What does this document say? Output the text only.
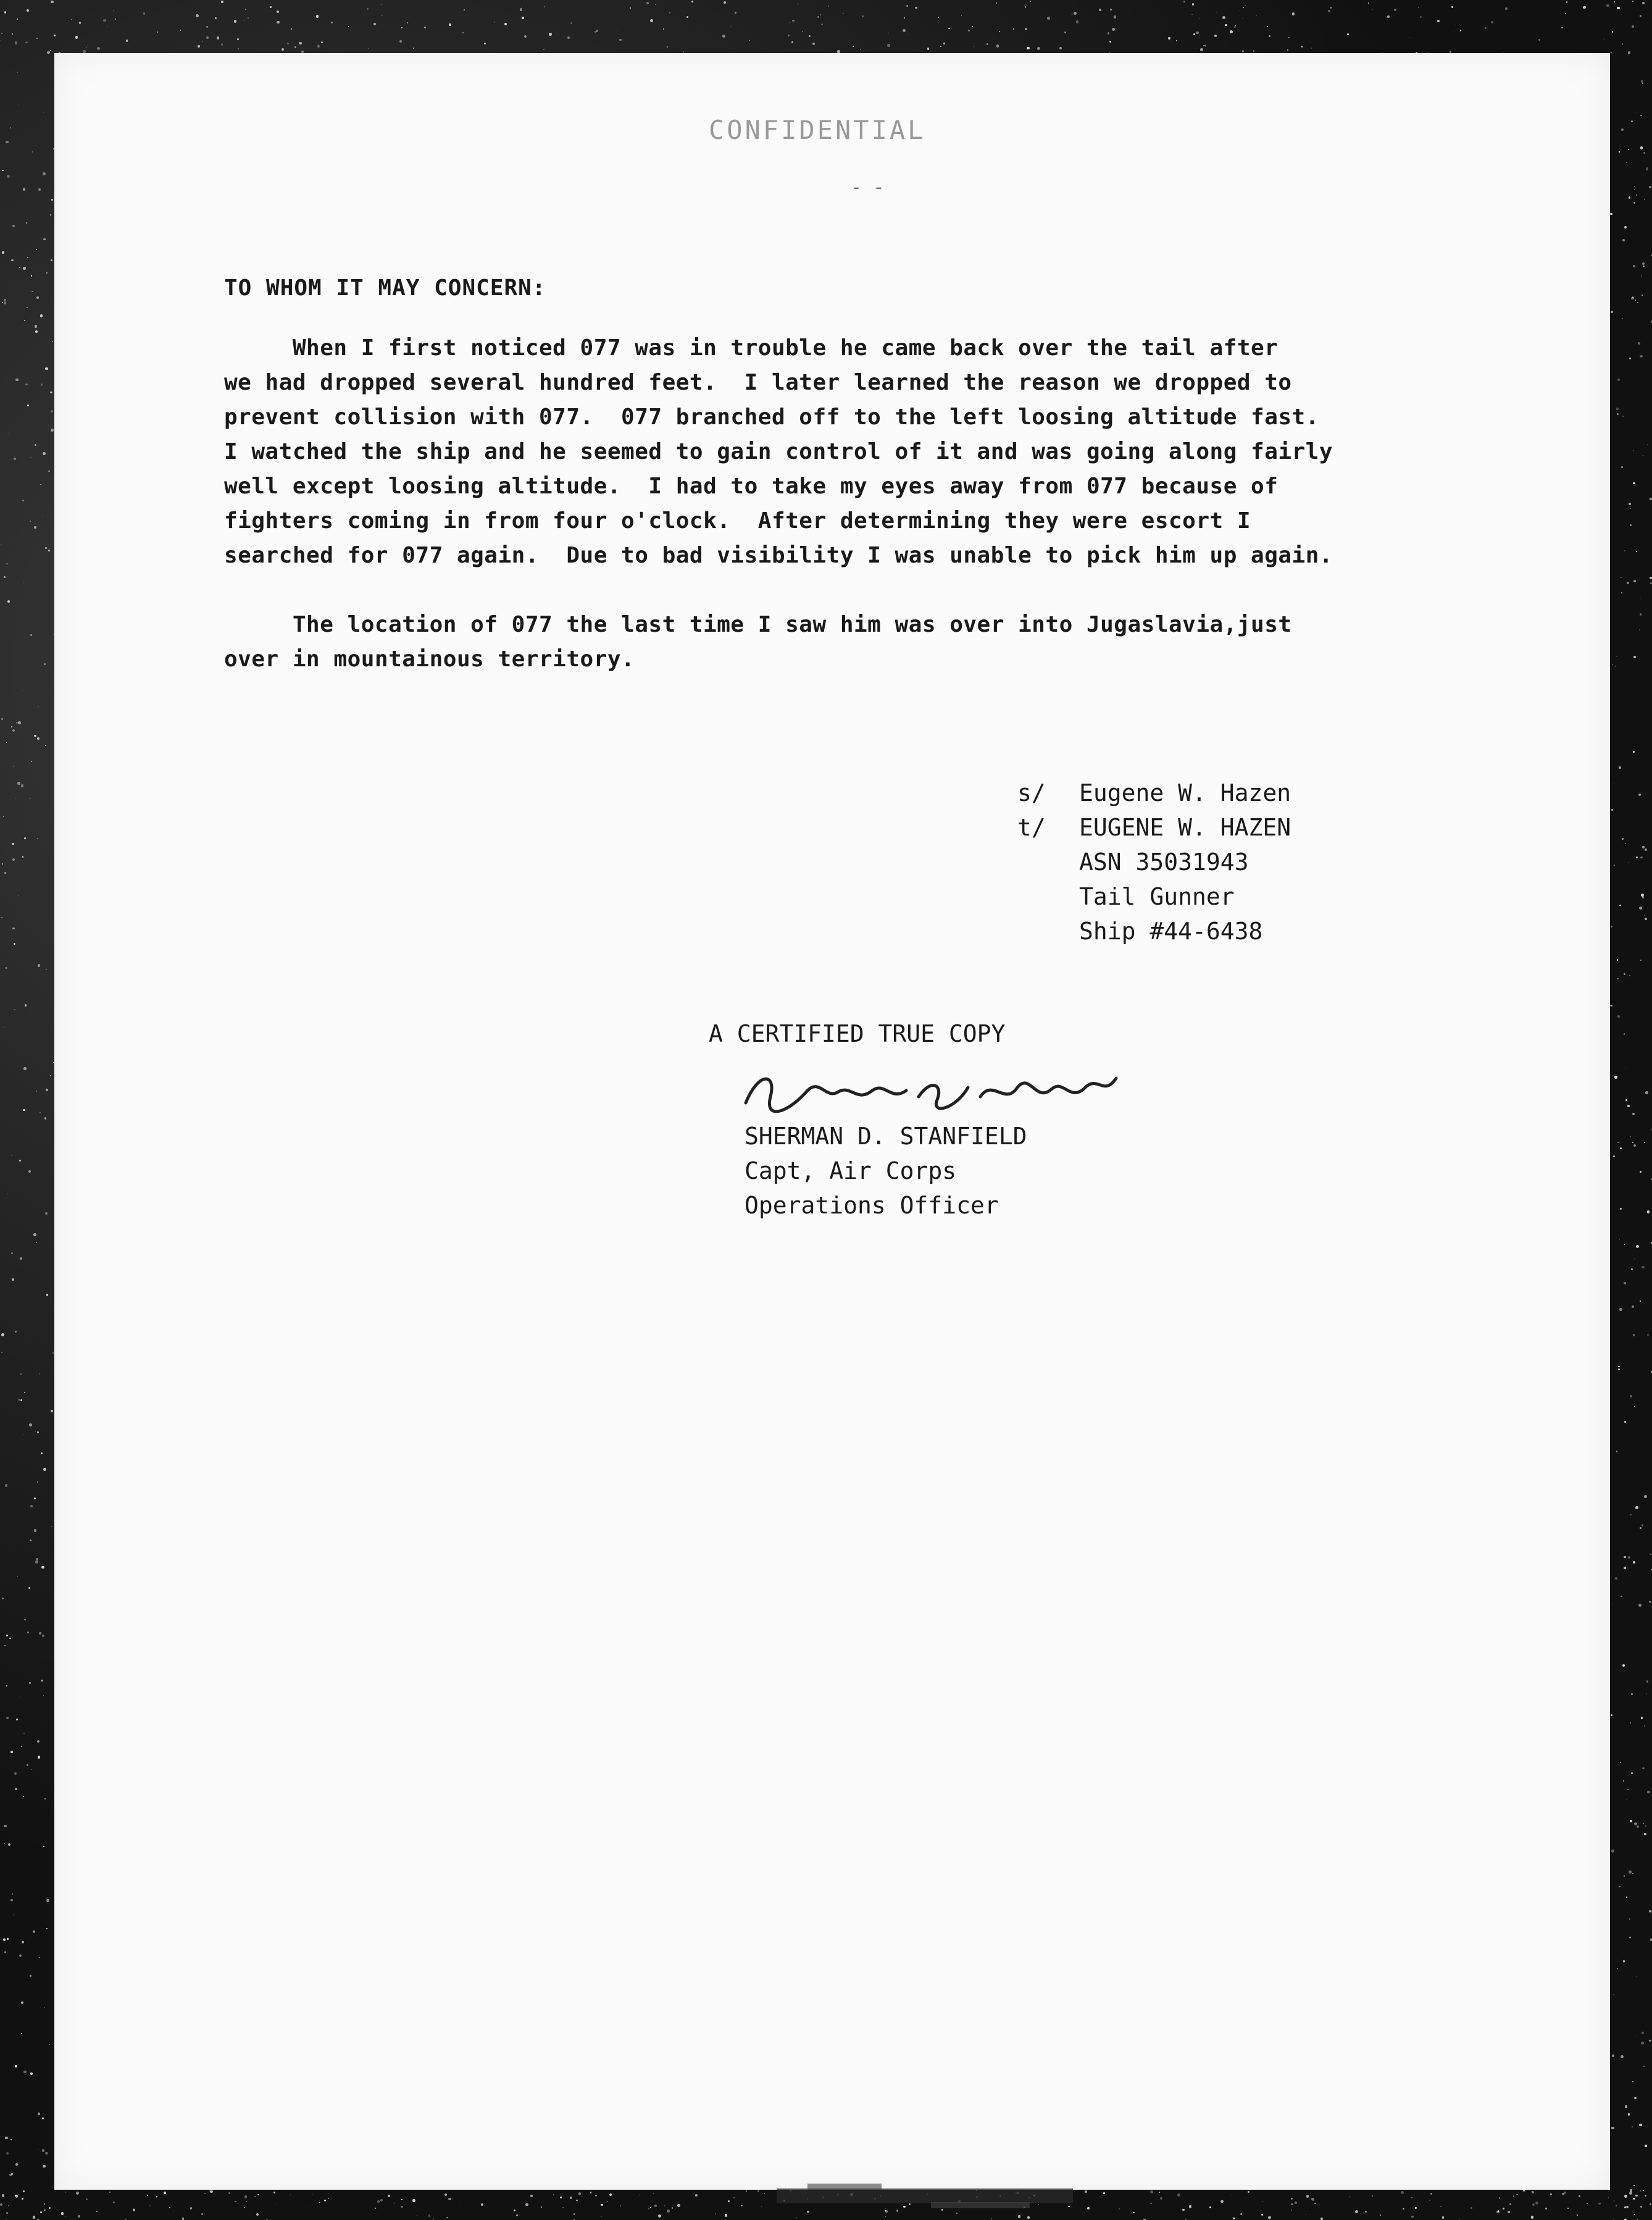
CONFIDENTIAL
- -
TO WHOM IT MAY CONCERN:

When I first noticed 077 was in trouble he came back over the tail after
we had dropped several hundred feet.  I later learned the reason we dropped to
prevent collision with 077.  077 branched off to the left loosing altitude fast.
I watched the ship and he seemed to gain control of it and was going along fairly
well except loosing altitude.  I had to take my eyes away from 077 because of
fighters coming in from four o'clock.  After determining they were escort I
searched for 077 again.  Due to bad visibility I was unable to pick him up again.

The location of 077 the last time I saw him was over into Jugaslavia,just
over in mountainous territory.

s/	Eugene W. Hazen
t/	EUGENE W. HAZEN
ASN 35031943
Tail Gunner
Ship #44-6438
A CERTIFIED TRUE COPY
SHERMAN D. STANFIELD
Capt, Air Corps
Operations Officer
